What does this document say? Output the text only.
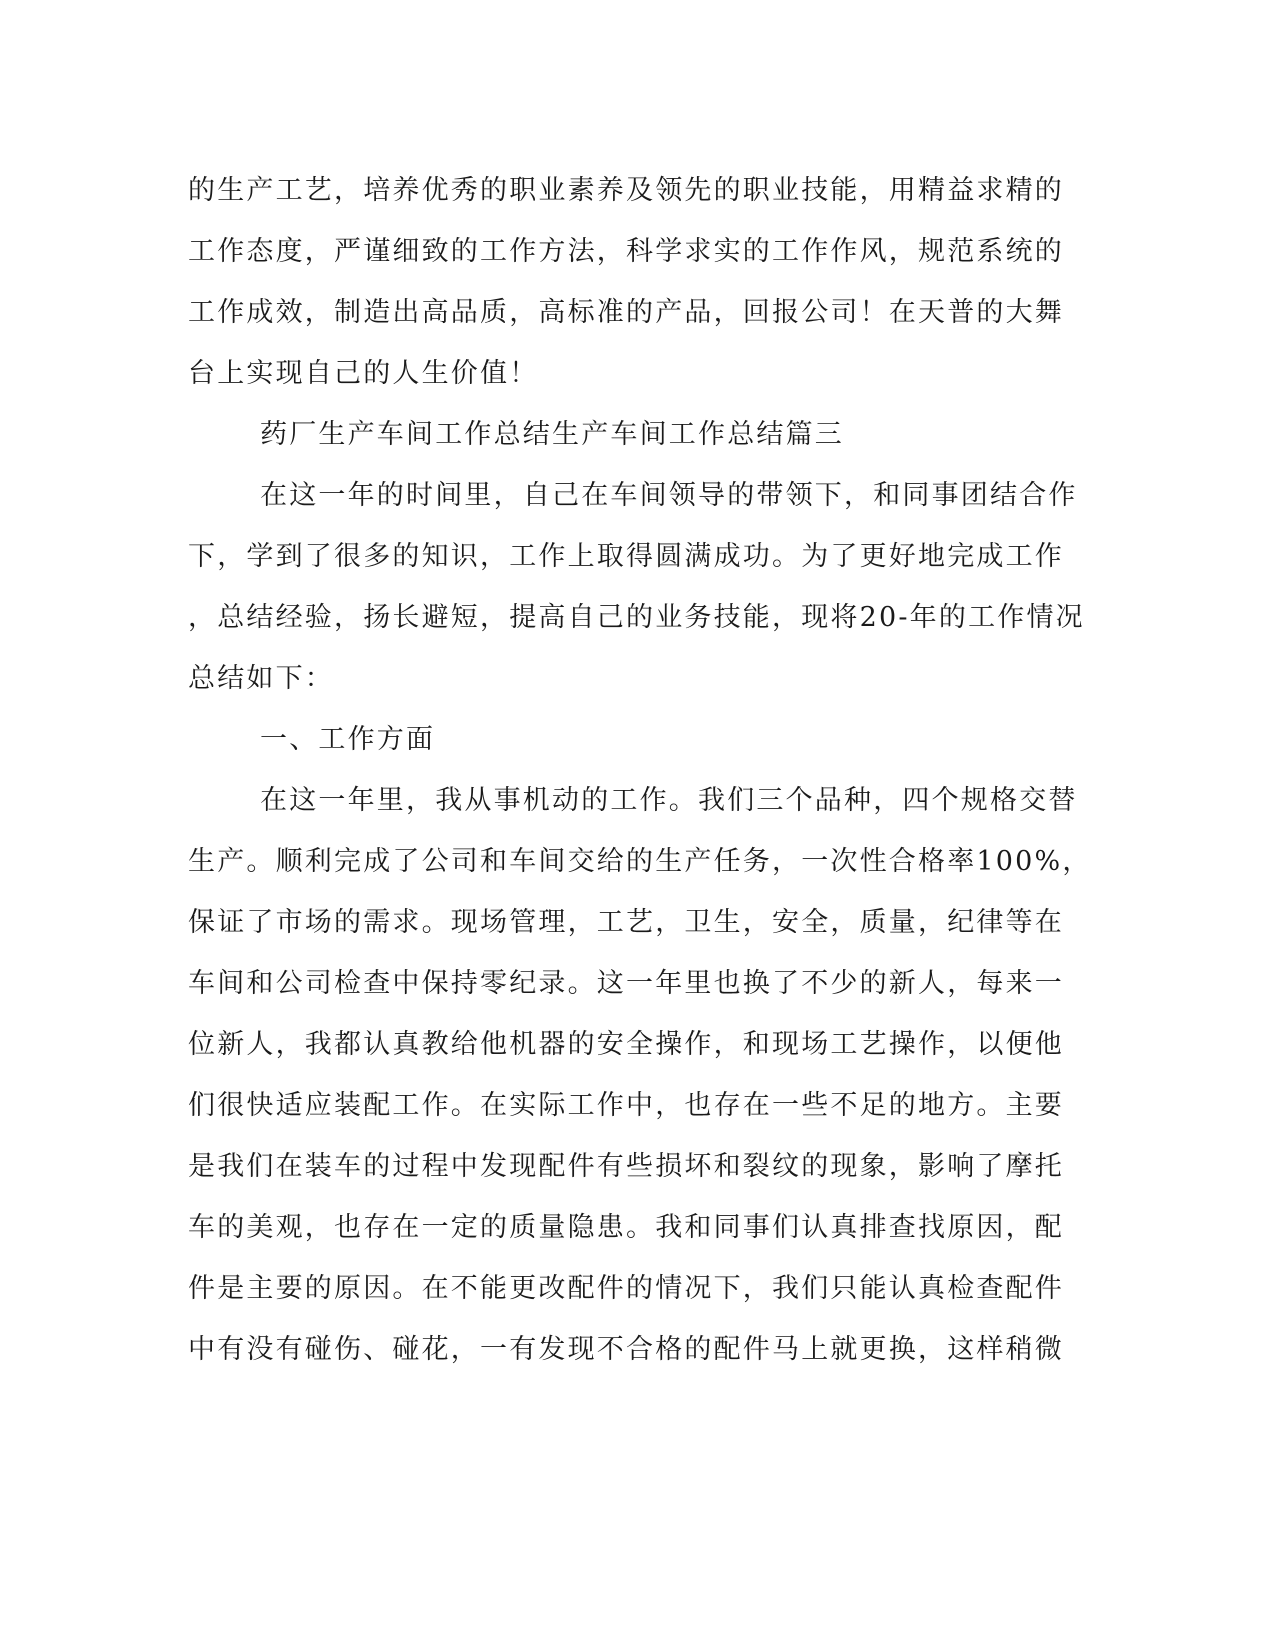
的生产工艺，培养优秀的职业素养及领先的职业技能，用精益求精的
工作态度，严谨细致的工作方法，科学求实的工作作风，规范系统的
工作成效，制造出高品质，高标准的产品，回报公司！在天普的大舞
台上实现自己的人生价值！
药厂生产车间工作总结生产车间工作总结篇三
在这一年的时间里，自己在车间领导的带领下，和同事团结合作
下，学到了很多的知识，工作上取得圆满成功。为了更好地完成工作
，总结经验，扬长避短，提高自己的业务技能，现将20-年的工作情况
总结如下：
一、工作方面
在这一年里，我从事机动的工作。我们三个品种，四个规格交替
生产。顺利完成了公司和车间交给的生产任务，一次性合格率100%，
保证了市场的需求。现场管理，工艺，卫生，安全，质量，纪律等在
车间和公司检查中保持零纪录。这一年里也换了不少的新人，每来一
位新人，我都认真教给他机器的安全操作，和现场工艺操作，以便他
们很快适应装配工作。在实际工作中，也存在一些不足的地方。主要
是我们在装车的过程中发现配件有些损坏和裂纹的现象，影响了摩托
车的美观，也存在一定的质量隐患。我和同事们认真排查找原因，配
件是主要的原因。在不能更改配件的情况下，我们只能认真检查配件
中有没有碰伤、碰花，一有发现不合格的配件马上就更换，这样稍微
